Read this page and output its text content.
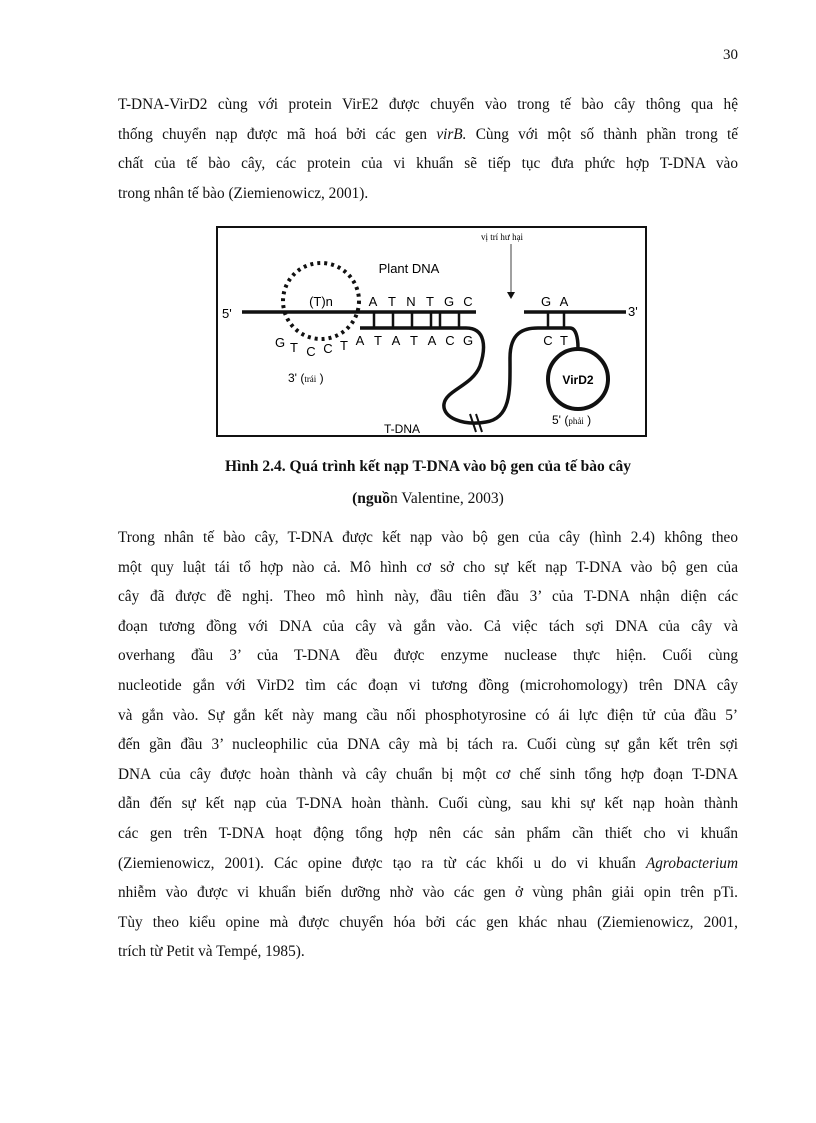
30

T-DNA-VirD2 cùng với protein VirE2 được chuyển vào trong tế bào cây thông qua hệ
thống chuyển nạp được mã hoá bởi các gen virB. Cùng với một số thành phần trong tế
chất của tế bào cây, các protein của vi khuẩn sẽ tiếp tục đưa phức hợp T-DNA vào
trong nhân tế bào (Ziemienowicz, 2001).

vị trí hư hại
Plant DNA
5'	3'
(T)n	A T N T G C	G A
A T A T A C G
G T C C T	C T
VirD2
3' (trái )
5' (phải )
T-DNA
Hình 2.4. Quá trình kết nạp T-DNA vào bộ gen của tế bào cây
(nguồn Valentine, 2003)

Trong nhân tế bào cây, T-DNA được kết nạp vào bộ gen của cây (hình 2.4) không theo
một quy luật tái tổ hợp nào cả. Mô hình cơ sở cho sự kết nạp T-DNA vào bộ gen của
cây đã được đề nghị. Theo mô hình này, đầu tiên đầu 3’ của T-DNA nhận diện các
đoạn tương đồng với DNA của cây và gắn vào. Cả việc tách sợi DNA của cây và
overhang đầu 3’ của T-DNA đều được enzyme nuclease thực hiện. Cuối cùng
nucleotide gắn với VirD2 tìm các đoạn vi tương đồng (microhomology) trên DNA cây
và gắn vào. Sự gắn kết này mang cầu nối phosphotyrosine có ái lực điện tử của đầu 5’
đến gần đầu 3’ nucleophilic của DNA cây mà bị tách ra. Cuối cùng sự gắn kết trên sợi
DNA của cây được hoàn thành và cây chuẩn bị một cơ chế sinh tổng hợp đoạn T-DNA
dẫn đến sự kết nạp của T-DNA hoàn thành. Cuối cùng, sau khi sự kết nạp hoàn thành
các gen trên T-DNA hoạt động tổng hợp nên các sản phẩm cần thiết cho vi khuẩn
(Ziemienowicz, 2001). Các opine được tạo ra từ các khối u do vi khuẩn Agrobacterium
nhiễm vào được vi khuẩn biến dưỡng nhờ vào các gen ở vùng phân giải opin trên pTi.
Tùy theo kiểu opine mà được chuyển hóa bởi các gen khác nhau (Ziemienowicz, 2001,
trích từ Petit và Tempé, 1985).
